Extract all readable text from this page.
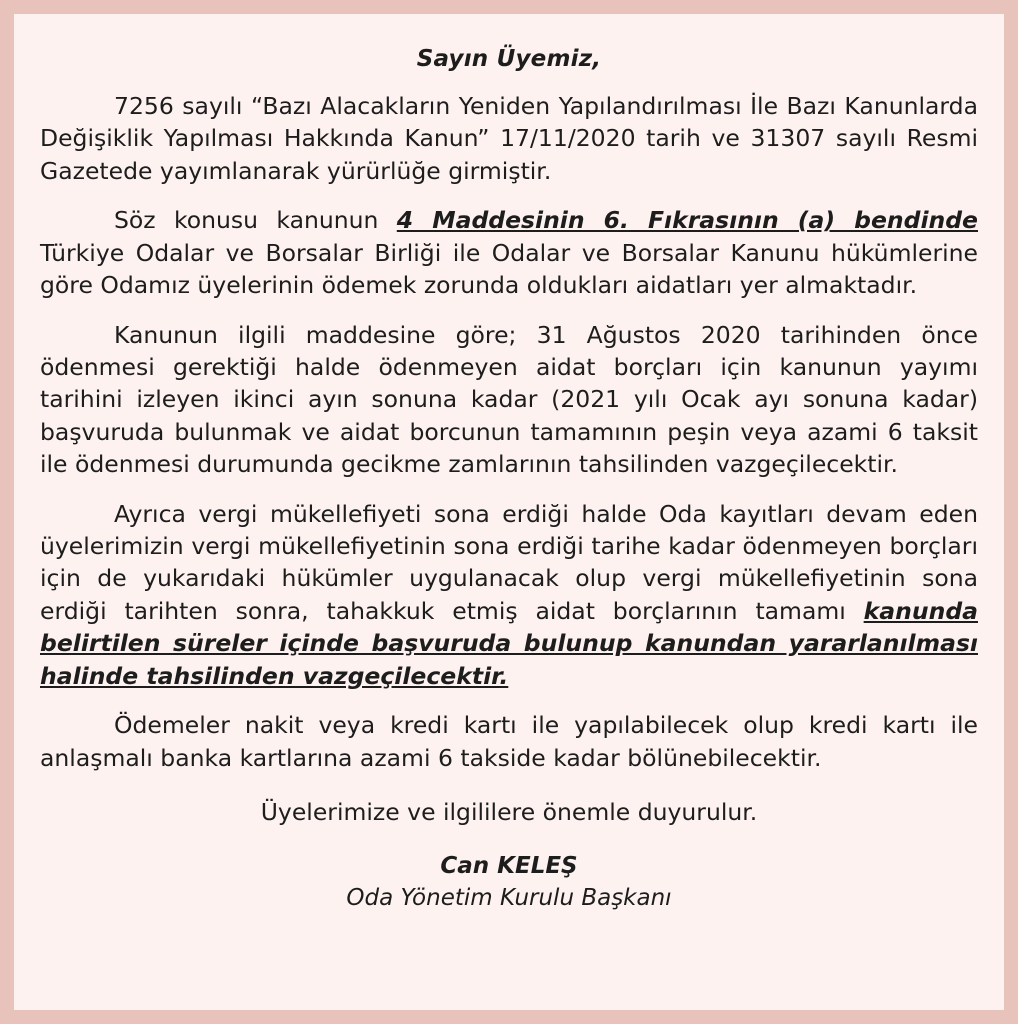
Sayın Üyemiz,

7256 sayılı “Bazı Alacakların Yeniden Yapılandırılması İle Bazı Kanunlarda Değişiklik Yapılması Hakkında Kanun” 17/11/2020 tarih ve 31307 sayılı Resmi Gazetede yayımlanarak yürürlüğe girmiştir.

Söz konusu kanunun 4 Maddesinin 6. Fıkrasının (a) bendinde Türkiye Odalar ve Borsalar Birliği ile Odalar ve Borsalar Kanunu hükümlerine göre Odamız üyelerinin ödemek zorunda oldukları aidatları yer almaktadır.

Kanunun ilgili maddesine göre; 31 Ağustos 2020 tarihinden önce ödenmesi gerektiği halde ödenmeyen aidat borçları için kanunun yayımı tarihini izleyen ikinci ayın sonuna kadar (2021 yılı Ocak ayı sonuna kadar) başvuruda bulunmak ve aidat borcunun tamamının peşin veya azami 6 taksit ile ödenmesi durumunda gecikme zamlarının tahsilinden vazgeçilecektir.

Ayrıca vergi mükellefiyeti sona erdiği halde Oda kayıtları devam eden üyelerimizin vergi mükellefiyetinin sona erdiği tarihe kadar ödenmeyen borçları için de yukarıdaki hükümler uygulanacak olup vergi mükellefiyetinin sona erdiği tarihten sonra, tahakkuk etmiş aidat borçlarının tamamı kanunda belirtilen süreler içinde başvuruda bulunup kanundan yararlanılması halinde tahsilinden vazgeçilecektir.

Ödemeler nakit veya kredi kartı ile yapılabilecek olup kredi kartı ile anlaşmalı banka kartlarına azami 6 takside kadar bölünebilecektir.

Üyelerimize ve ilgililere önemle duyurulur.
Can KELEŞ
Oda Yönetim Kurulu Başkanı
